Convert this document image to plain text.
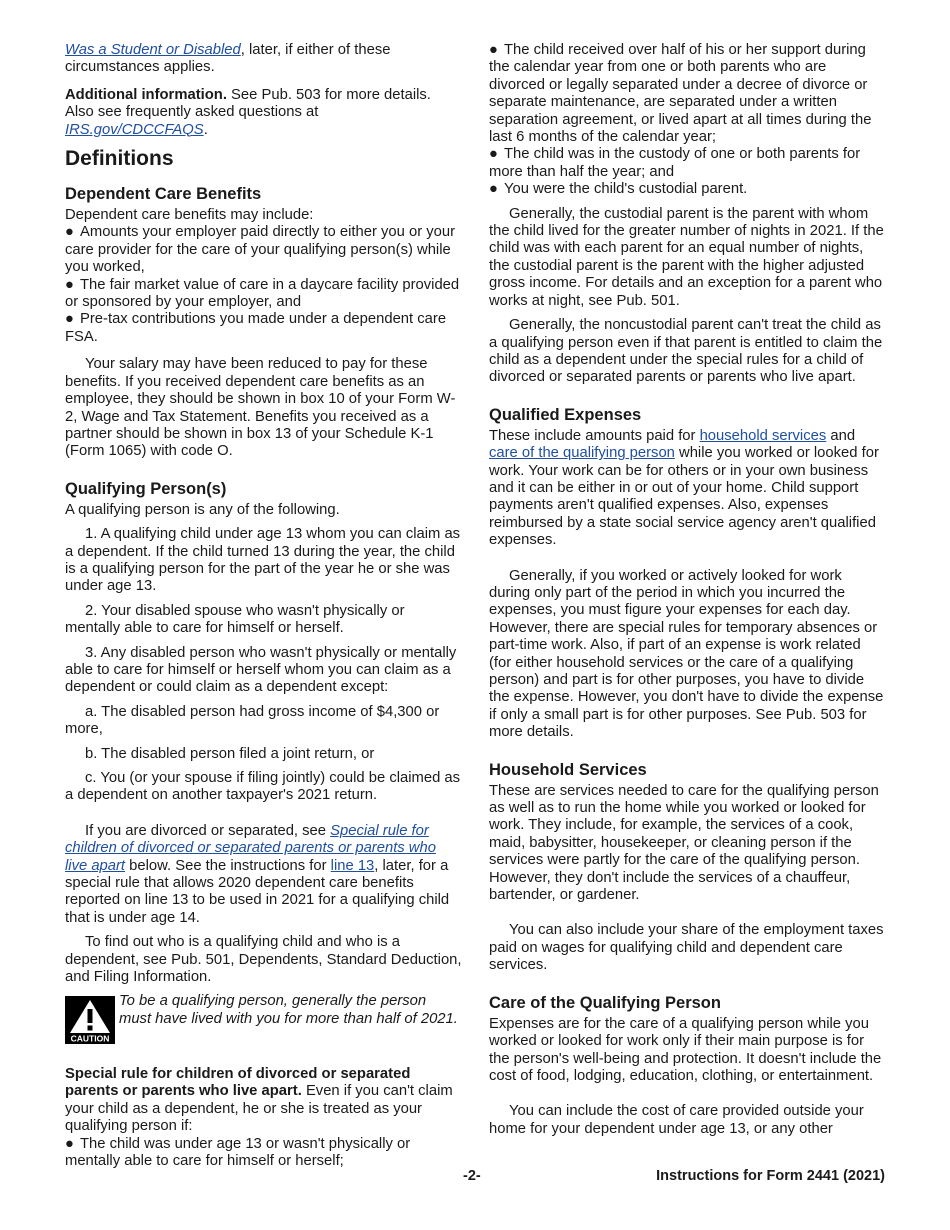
Was a Student or Disabled, later, if either of these circumstances applies.

Additional information. See Pub. 503 for more details. Also see frequently asked questions at IRS.gov/CDCCFAQS.

Definitions
Dependent Care Benefits

Dependent care benefits may include:

● Amounts your employer paid directly to either you or your care provider for the care of your qualifying person(s) while you worked,

● The fair market value of care in a daycare facility provided or sponsored by your employer, and

● Pre-tax contributions you made under a dependent care FSA.

Your salary may have been reduced to pay for these benefits. If you received dependent care benefits as an employee, they should be shown in box 10 of your Form W-2, Wage and Tax Statement. Benefits you received as a partner should be shown in box 13 of your Schedule K-1 (Form 1065) with code O.

Qualifying Person(s)

A qualifying person is any of the following.

1. A qualifying child under age 13 whom you can claim as a dependent. If the child turned 13 during the year, the child is a qualifying person for the part of the year he or she was under age 13.

2. Your disabled spouse who wasn't physically or mentally able to care for himself or herself.

3. Any disabled person who wasn't physically or mentally able to care for himself or herself whom you can claim as a dependent or could claim as a dependent except:

a. The disabled person had gross income of $4,300 or more,

b. The disabled person filed a joint return, or

c. You (or your spouse if filing jointly) could be claimed as a dependent on another taxpayer's 2021 return.

If you are divorced or separated, see Special rule for children of divorced or separated parents or parents who live apart below. See the instructions for line 13, later, for a special rule that allows 2020 dependent care benefits reported on line 13 to be used in 2021 for a qualifying child that is under age 14.

To find out who is a qualifying child and who is a dependent, see Pub. 501, Dependents, Standard Deduction, and Filing Information.

CAUTION
To be a qualifying person, generally the person must have lived with you for more than half of 2021.

Special rule for children of divorced or separated parents or parents who live apart. Even if you can't claim your child as a dependent, he or she is treated as your qualifying person if:

● The child was under age 13 or wasn't physically or mentally able to care for himself or herself;

● The child received over half of his or her support during the calendar year from one or both parents who are divorced or legally separated under a decree of divorce or separate maintenance, are separated under a written separation agreement, or lived apart at all times during the last 6 months of the calendar year;

● The child was in the custody of one or both parents for more than half the year; and

● You were the child's custodial parent.

Generally, the custodial parent is the parent with whom the child lived for the greater number of nights in 2021. If the child was with each parent for an equal number of nights, the custodial parent is the parent with the higher adjusted gross income. For details and an exception for a parent who works at night, see Pub. 501.

Generally, the noncustodial parent can't treat the child as a qualifying person even if that parent is entitled to claim the child as a dependent under the special rules for a child of divorced or separated parents or parents who live apart.

Qualified Expenses

These include amounts paid for household services and care of the qualifying person while you worked or looked for work. Your work can be for others or in your own business and it can be either in or out of your home. Child support payments aren't qualified expenses. Also, expenses reimbursed by a state social service agency aren't qualified expenses.

Generally, if you worked or actively looked for work during only part of the period in which you incurred the expenses, you must figure your expenses for each day. However, there are special rules for temporary absences or part-time work. Also, if part of an expense is work related (for either household services or the care of a qualifying person) and part is for other purposes, you have to divide the expense. However, you don't have to divide the expense if only a small part is for other purposes. See Pub. 503 for more details.

Household Services

These are services needed to care for the qualifying person as well as to run the home while you worked or looked for work. They include, for example, the services of a cook, maid, babysitter, housekeeper, or cleaning person if the services were partly for the care of the qualifying person. However, they don't include the services of a chauffeur, bartender, or gardener.

You can also include your share of the employment taxes paid on wages for qualifying child and dependent care services.

Care of the Qualifying Person

Expenses are for the care of a qualifying person while you worked or looked for work only if their main purpose is for the person's well-being and protection. It doesn't include the cost of food, lodging, education, clothing, or entertainment.

You can include the cost of care provided outside your home for your dependent under age 13, or any other

-2-	Instructions for Form 2441 (2021)
